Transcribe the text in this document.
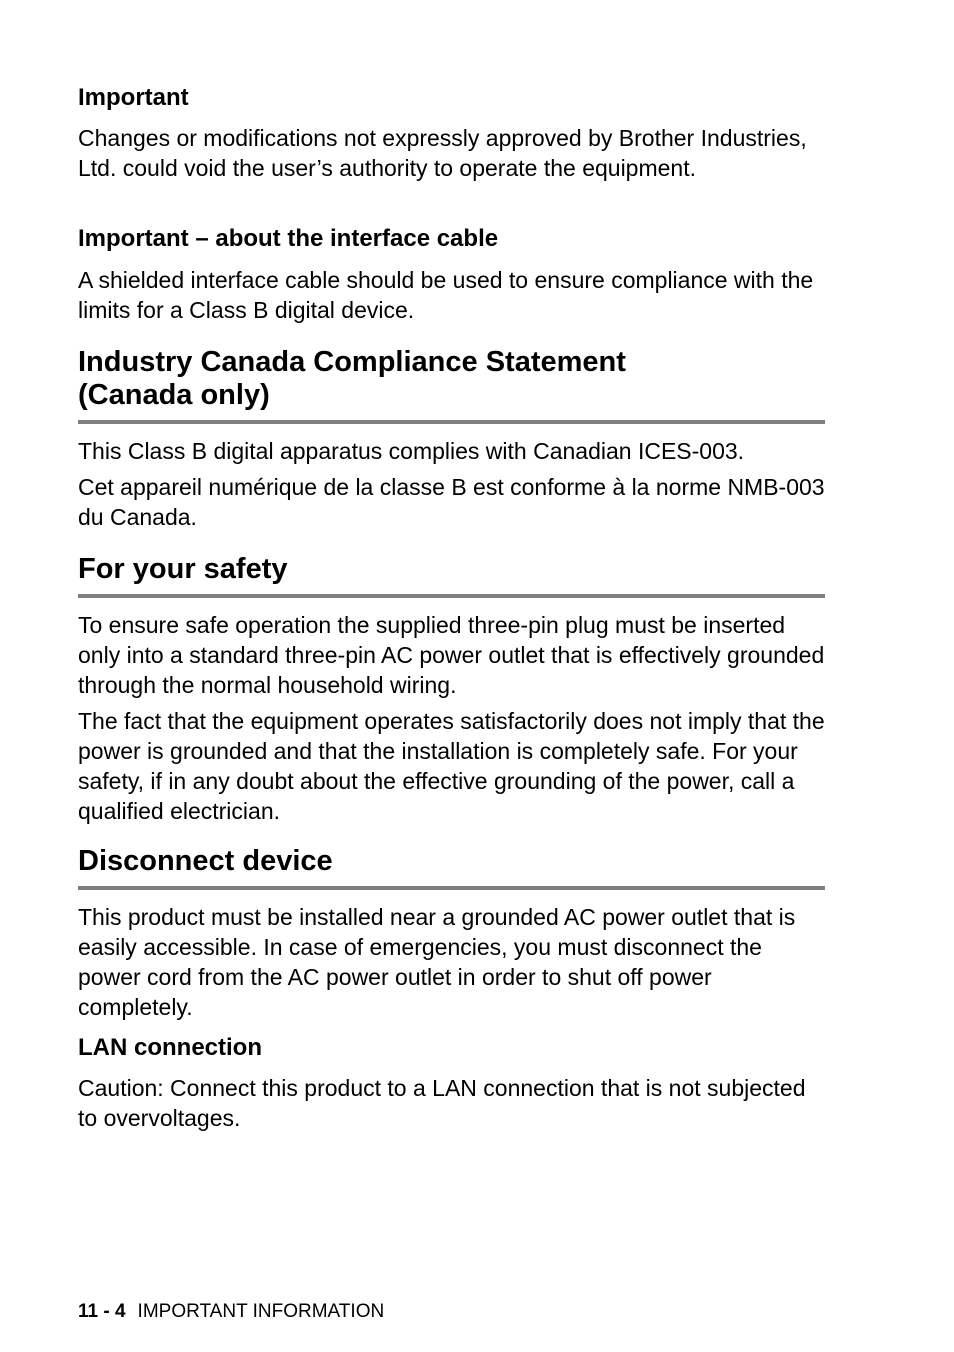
Important
Changes or modifications not expressly approved by Brother Industries, Ltd. could void the user’s authority to operate the equipment.
Important – about the interface cable
A shielded interface cable should be used to ensure compliance with the limits for a Class B digital device.
Industry Canada Compliance Statement (Canada only)
This Class B digital apparatus complies with Canadian ICES-003.
Cet appareil numérique de la classe B est conforme à la norme NMB-003 du Canada.
For your safety
To ensure safe operation the supplied three-pin plug must be inserted only into a standard three-pin AC power outlet that is effectively grounded through the normal household wiring.
The fact that the equipment operates satisfactorily does not imply that the power is grounded and that the installation is completely safe. For your safety, if in any doubt about the effective grounding of the power, call a qualified electrician.
Disconnect device
This product must be installed near a grounded AC power outlet that is easily accessible. In case of emergencies, you must disconnect the power cord from the AC power outlet in order to shut off power completely.
LAN connection
Caution: Connect this product to a LAN connection that is not subjected to overvoltages.
11 - 4 IMPORTANT INFORMATION
